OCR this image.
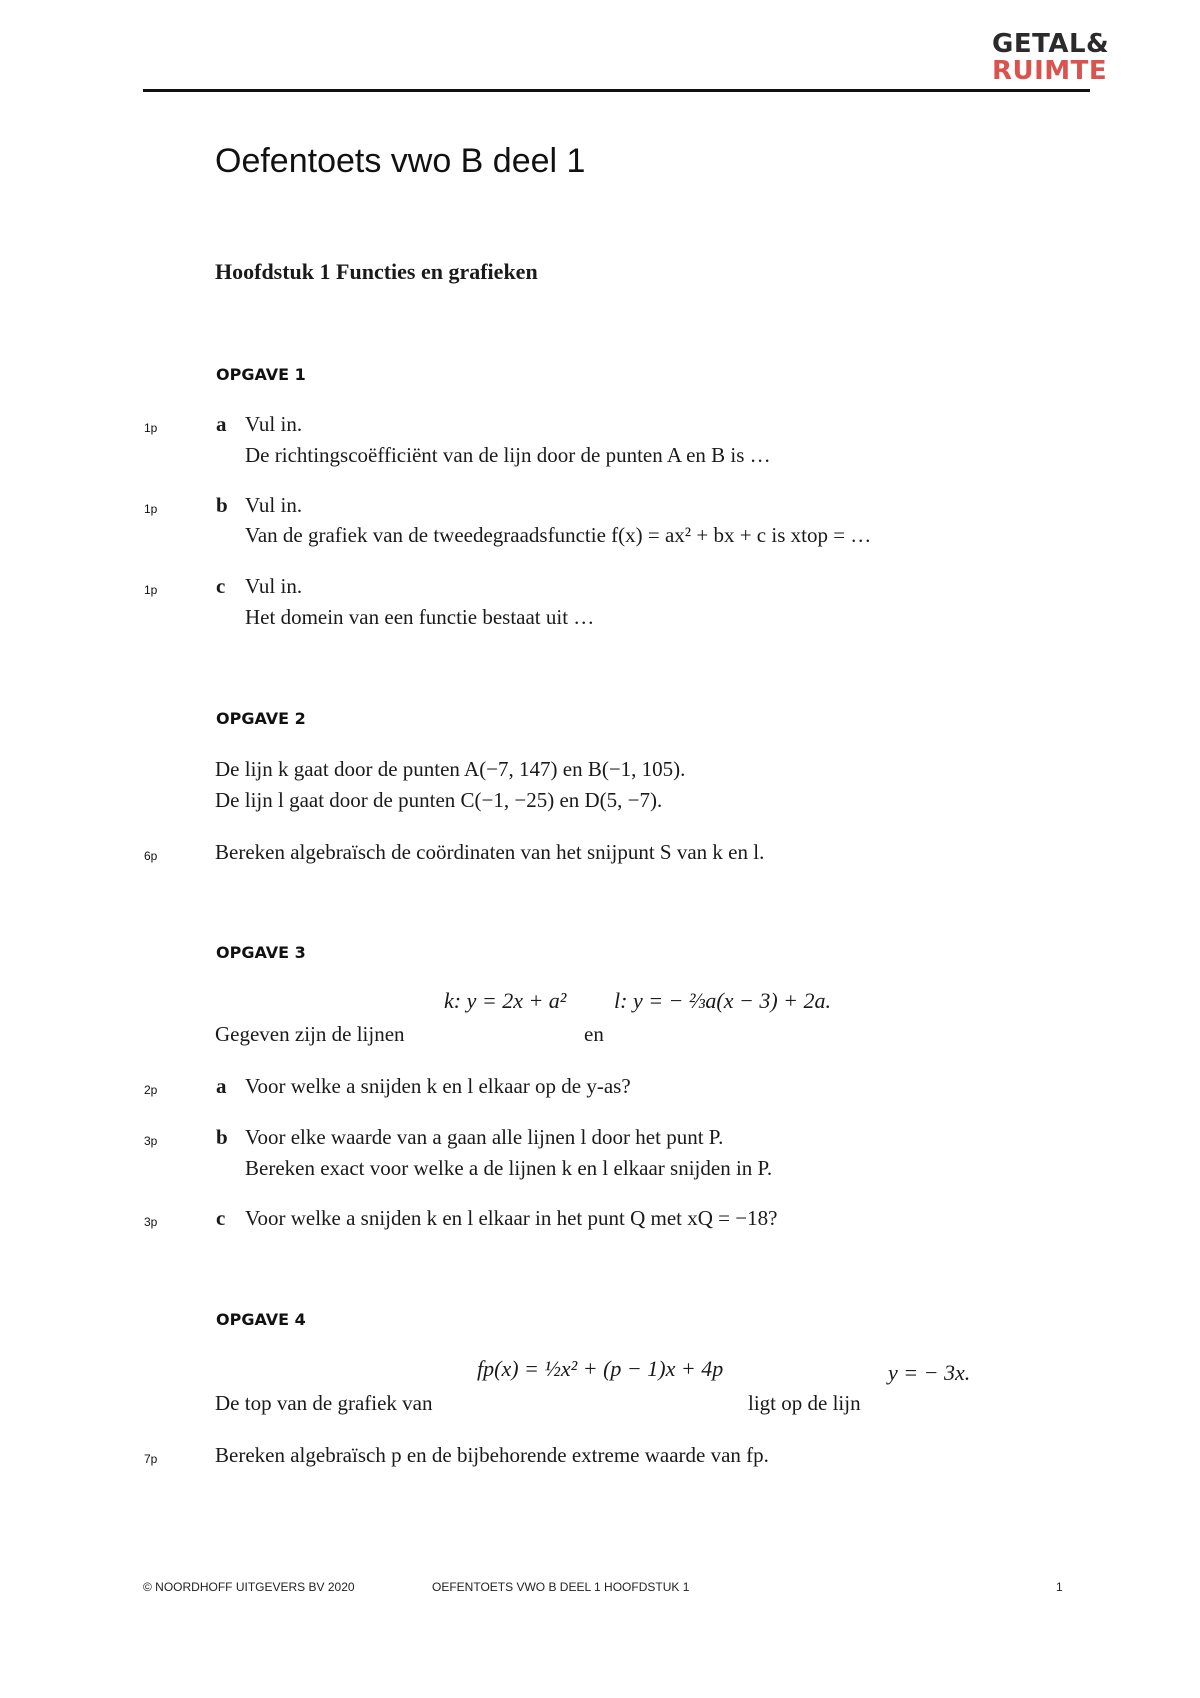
GETAL&
RUIMTE
Oefentoets vwo B deel 1
Hoofdstuk 1 Functies en grafieken
OPGAVE 1
1p	a Vul in.
De richtingscoëfficiënt van de lijn door de punten A en B is …
1p	b Vul in.
Van de grafiek van de tweedegraadsfunctie f(x) = ax² + bx + c is xtop = …
1p	c Vul in.
Het domein van een functie bestaat uit …
OPGAVE 2
De lijn k gaat door de punten A(−7, 147) en B(−1, 105).
De lijn l gaat door de punten C(−1, −25) en D(5, −7).
6p	Bereken algebraïsch de coördinaten van het snijpunt S van k en l.
OPGAVE 3
k: y = 2x + a² l: y = − ⅔a(x − 3) + 2a.
Gegeven zijn de lijnen	en
2p	a Voor welke a snijden k en l elkaar op de y-as?
3p	b Voor elke waarde van a gaan alle lijnen l door het punt P.
Bereken exact voor welke a de lijnen k en l elkaar snijden in P.
3p	c Voor welke a snijden k en l elkaar in het punt Q met xQ = −18?
OPGAVE 4
fp(x) = ½x² + (p − 1)x + 4p	y = − 3x.
De top van de grafiek van	ligt op de lijn
7p	Bereken algebraïsch p en de bijbehorende extreme waarde van fp.
© NOORDHOFF UITGEVERS BV 2020	OEFENTOETS VWO B DEEL 1 HOOFDSTUK 1	1
